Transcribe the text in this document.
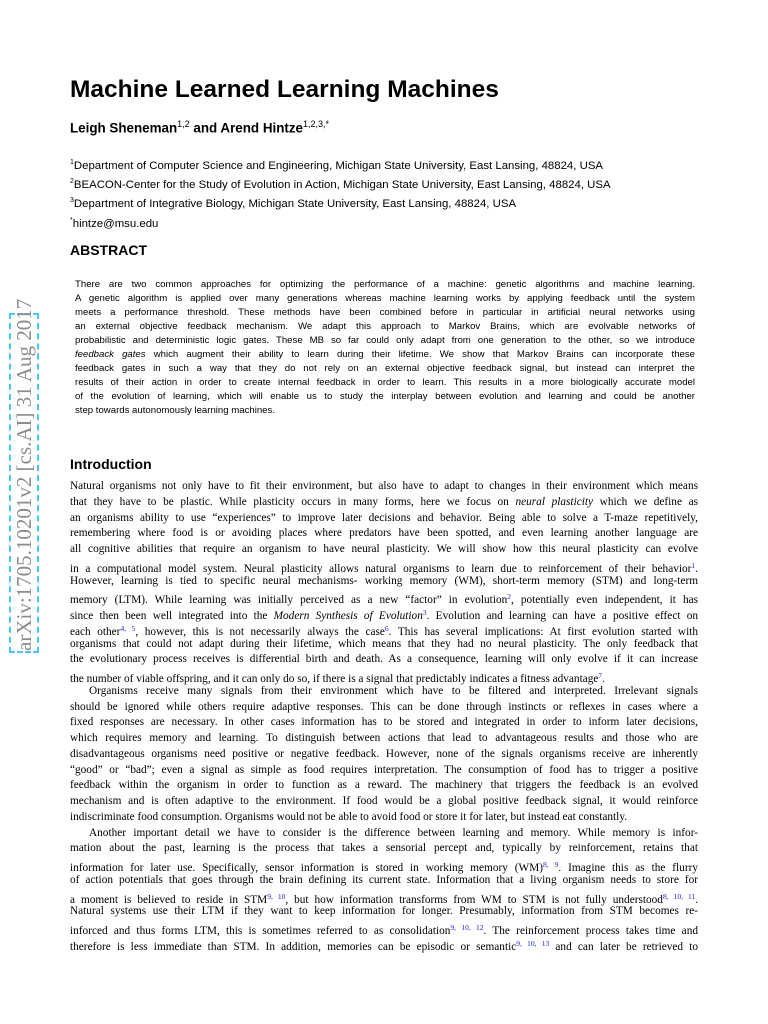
arXiv:1705.10201v2 [cs.AI] 31 Aug 2017
Machine Learned Learning Machines
Leigh Sheneman$^{1,2}$ and Arend Hintze$^{1,2,3,*}$
$^1$Department of Computer Science and Engineering, Michigan State University, East Lansing, 48824, USA
$^2$BEACON-Center for the Study of Evolution in Action, Michigan State University, East Lansing, 48824, USA
$^3$Department of Integrative Biology, Michigan State University, East Lansing, 48824, USA
*hintze@msu.edu
ABSTRACT
There are two common approaches for optimizing the performance of a machine: genetic algorithms and machine learning.
A genetic algorithm is applied over many generations whereas machine learning works by applying feedback until the system
meets a performance threshold. These methods have been combined before in particular in artificial neural networks using
an external objective feedback mechanism. We adapt this approach to Markov Brains, which are evolvable networks of
probabilistic and deterministic logic gates. These MB so far could only adapt from one generation to the other, so we introduce
feedback gates which augment their ability to learn during their lifetime. We show that Markov Brains can incorporate these
feedback gates in such a way that they do not rely on an external objective feedback signal, but instead can interpret the
results of their action in order to create internal feedback in order to learn. This results in a more biologically accurate model
of the evolution of learning, which will enable us to study the interplay between evolution and learning and could be another
step towards autonomously learning machines.
Introduction
Natural organisms not only have to fit their environment, but also have to adapt to changes in their environment which means
that they have to be plastic. While plasticity occurs in many forms, here we focus on neural plasticity which we define as
an organisms ability to use “experiences” to improve later decisions and behavior. Being able to solve a T-maze repetitively,
remembering where food is or avoiding places where predators have been spotted, and even learning another language are
all cognitive abilities that require an organism to have neural plasticity. We will show how this neural plasticity can evolve
in a computational model system. Neural plasticity allows natural organisms to learn due to reinforcement of their behavior$^1$.
However, learning is tied to specific neural mechanisms- working memory (WM), short-term memory (STM) and long-term
memory (LTM). While learning was initially perceived as a new “factor” in evolution$^2$, potentially even independent, it has
since then been well integrated into the Modern Synthesis of Evolution$^3$. Evolution and learning can have a positive effect on
each other$^{4, 5}$, however, this is not necessarily always the case$^6$. This has several implications: At first evolution started with
organisms that could not adapt during their lifetime, which means that they had no neural plasticity. The only feedback that
the evolutionary process receives is differential birth and death. As a consequence, learning will only evolve if it can increase
the number of viable offspring, and it can only do so, if there is a signal that predictably indicates a fitness advantage$^7$.
Organisms receive many signals from their environment which have to be filtered and interpreted. Irrelevant signals
should be ignored while others require adaptive responses. This can be done through instincts or reflexes in cases where a
fixed responses are necessary. In other cases information has to be stored and integrated in order to inform later decisions,
which requires memory and learning. To distinguish between actions that lead to advantageous results and those who are
disadvantageous organisms need positive or negative feedback. However, none of the signals organisms receive are inherently
“good” or “bad”; even a signal as simple as food requires interpretation. The consumption of food has to trigger a positive
feedback within the organism in order to function as a reward. The machinery that triggers the feedback is an evolved
mechanism and is often adaptive to the environment. If food would be a global positive feedback signal, it would reinforce
indiscriminate food consumption. Organisms would not be able to avoid food or store it for later, but instead eat constantly.
Another important detail we have to consider is the difference between learning and memory. While memory is infor-
mation about the past, learning is the process that takes a sensorial percept and, typically by reinforcement, retains that
information for later use. Specifically, sensor information is stored in working memory (WM)$^{8, 9}$. Imagine this as the flurry
of action potentials that goes through the brain defining its current state. Information that a living organism needs to store for
a moment is believed to reside in STM$^{9, 10}$, but how information transforms from WM to STM is not fully understood$^{8, 10, 11}$.
Natural systems use their LTM if they want to keep information for longer. Presumably, information from STM becomes re-
inforced and thus forms LTM, this is sometimes referred to as consolidation$^{9, 10, 12}$. The reinforcement process takes time and
therefore is less immediate than STM. In addition, memories can be episodic or semantic$^{9, 10, 13}$ and can later be retrieved to
